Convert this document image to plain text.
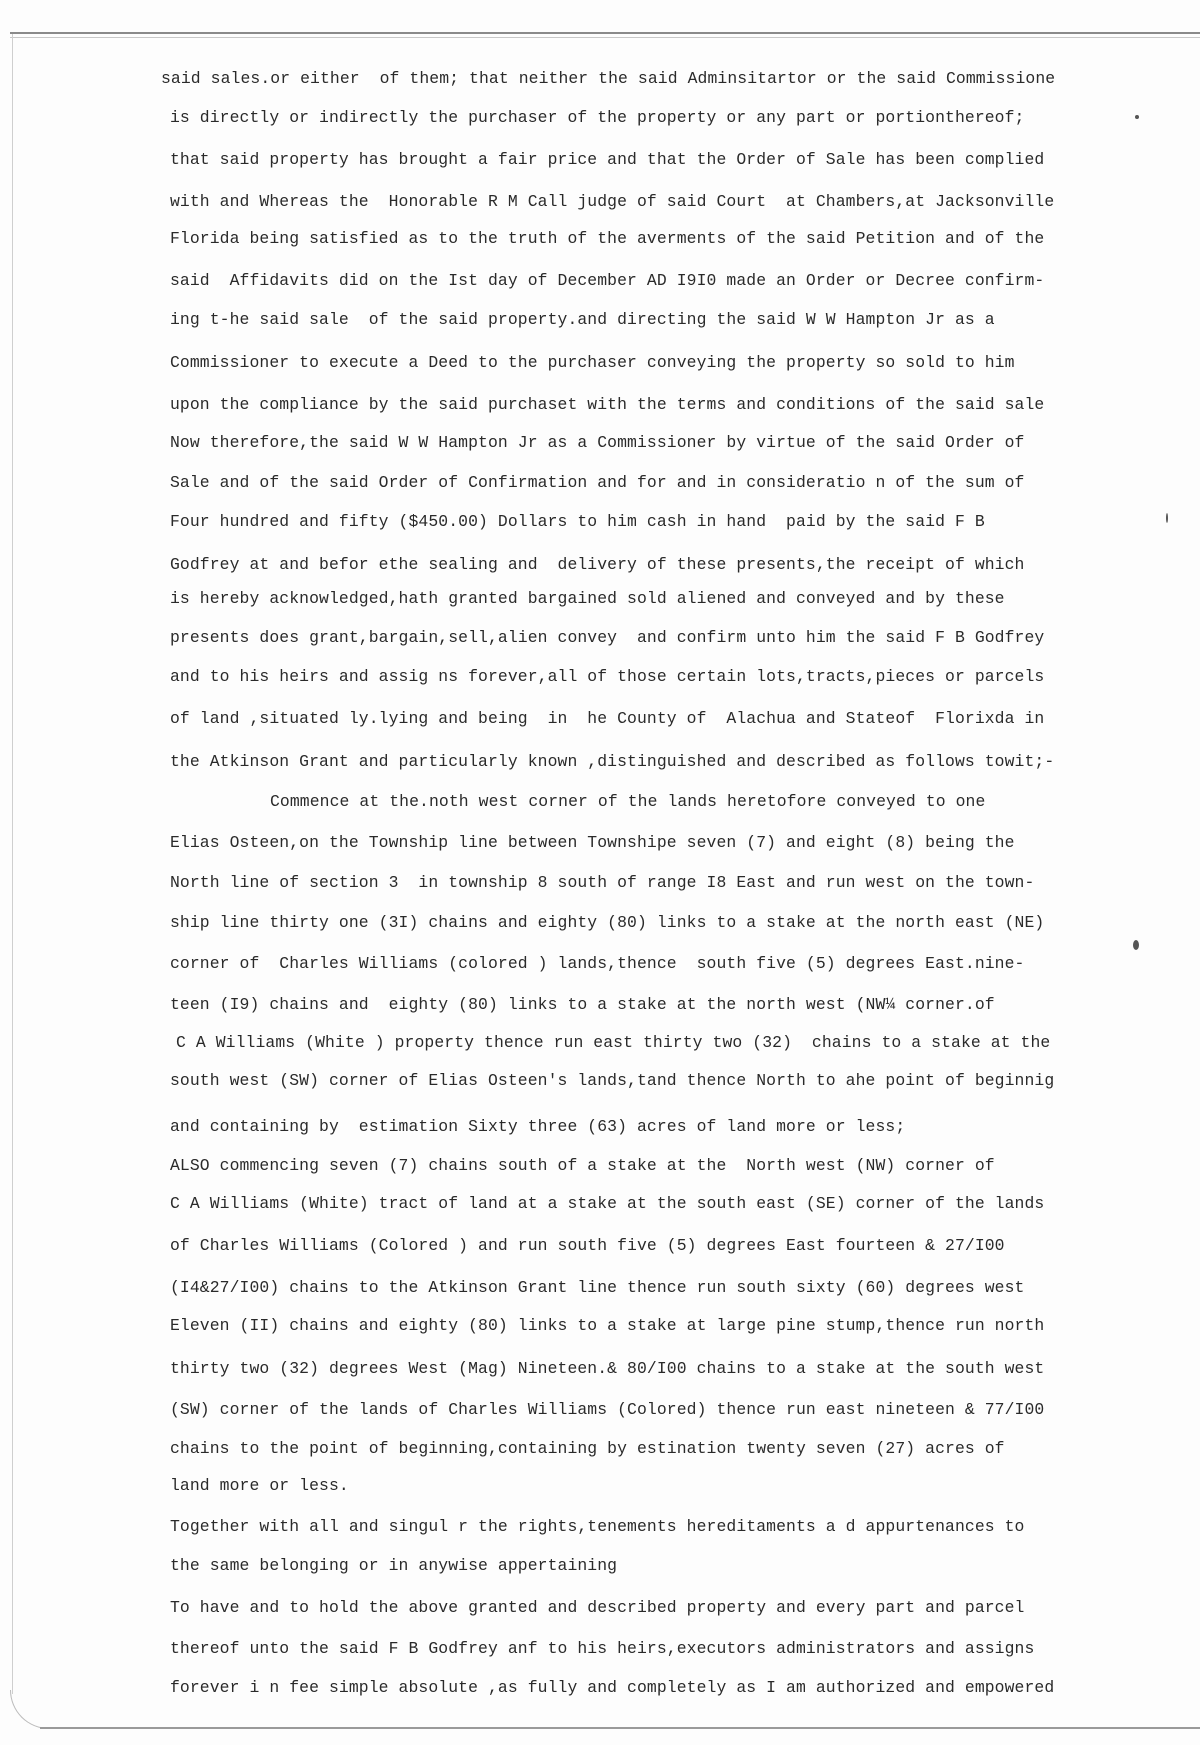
said sales.or either  of them; that neither the said Adminsitartor or the said Commissione
is directly or indirectly the purchaser of the property or any part or portionthereof;
that said property has brought a fair price and that the Order of Sale has been complied
with and Whereas the  Honorable R M Call judge of said Court  at Chambers,at Jacksonville
Florida being satisfied as to the truth of the averments of the said Petition and of the
said  Affidavits did on the Ist day of December AD I9I0 made an Order or Decree confirm-
ing t-he said sale  of the said property.and directing the said W W Hampton Jr as a
Commissioner to execute a Deed to the purchaser conveying the property so sold to him
upon the compliance by the said purchaset with the terms and conditions of the said sale
Now therefore,the said W W Hampton Jr as a Commissioner by virtue of the said Order of
Sale and of the said Order of Confirmation and for and in consideratio n of the sum of
Four hundred and fifty ($450.00) Dollars to him cash in hand  paid by the said F B
Godfrey at and befor ethe sealing and  delivery of these presents,the receipt of which
is hereby acknowledged,hath granted bargained sold aliened and conveyed and by these
presents does grant,bargain,sell,alien convey  and confirm unto him the said F B Godfrey
and to his heirs and assig ns forever,all of those certain lots,tracts,pieces or parcels
of land ,situated ly.lying and being  in  he County of  Alachua and Stateof  Florixda in
the Atkinson Grant and particularly known ,distinguished and described as follows towit;-
Commence at the.noth west corner of the lands heretofore conveyed to one
Elias Osteen,on the Township line between Townshipe seven (7) and eight (8) being the
North line of section 3  in township 8 south of range I8 East and run west on the town-
ship line thirty one (3I) chains and eighty (80) links to a stake at the north east (NE)
corner of  Charles Williams (colored ) lands,thence  south five (5) degrees East.nine-
teen (I9) chains and  eighty (80) links to a stake at the north west (NW¼ corner.of
C A Williams (White ) property thence run east thirty two (32)  chains to a stake at the
south west (SW) corner of Elias Osteen's lands,tand thence North to ahe point of beginnig
and containing by  estimation Sixty three (63) acres of land more or less;
ALSO commencing seven (7) chains south of a stake at the  North west (NW) corner of
C A Williams (White) tract of land at a stake at the south east (SE) corner of the lands
of Charles Williams (Colored ) and run south five (5) degrees East fourteen & 27/I00
(I4&27/I00) chains to the Atkinson Grant line thence run south sixty (60) degrees west
Eleven (II) chains and eighty (80) links to a stake at large pine stump,thence run north
thirty two (32) degrees West (Mag) Nineteen.& 80/I00 chains to a stake at the south west
(SW) corner of the lands of Charles Williams (Colored) thence run east nineteen & 77/I00
chains to the point of beginning,containing by estination twenty seven (27) acres of
land more or less.
Together with all and singul r the rights,tenements hereditaments a d appurtenances to
the same belonging or in anywise appertaining
To have and to hold the above granted and described property and every part and parcel
thereof unto the said F B Godfrey anf to his heirs,executors administrators and assigns
forever i n fee simple absolute ,as fully and completely as I am authorized and empowered
